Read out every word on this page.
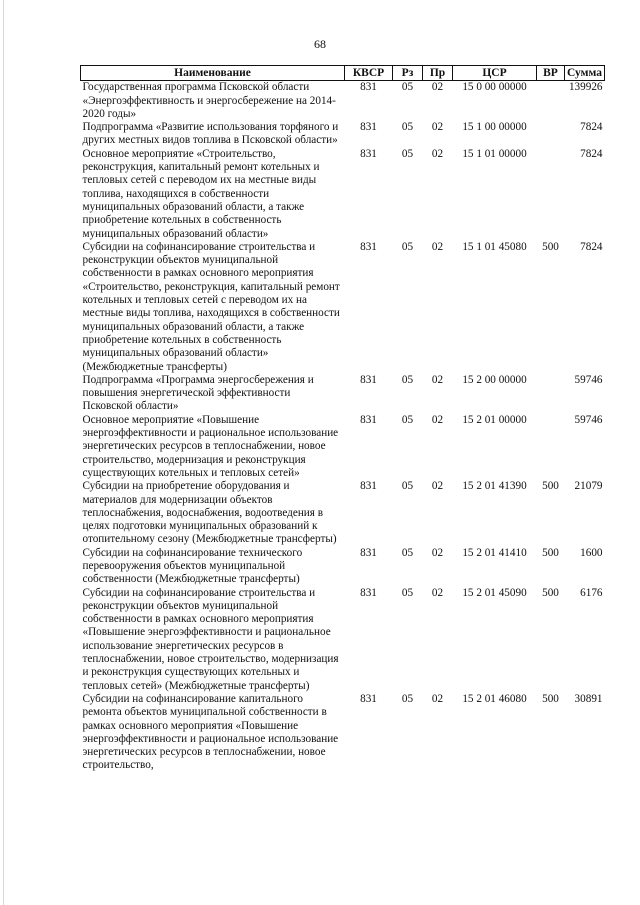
68
Наименование	КВСР	Рз	Пр	ЦСР	ВР	Сумма
Государственная программа Псковской области «Энергоэффективность и энергосбережение на 2014-2020 годы»	831	05	02	15 0 00 00000		139926
Подпрограмма «Развитие использования торфяного и других местных видов топлива в Псковской области»	831	05	02	15 1 00 00000		7824
Основное мероприятие «Строительство, реконструкция, капитальный ремонт котельных и тепловых сетей с переводом их на местные виды топлива, находящихся в собственности муниципальных образований области, а также приобретение котельных в собственность муниципальных образований области»	831	05	02	15 1 01 00000		7824
Субсидии на софинансирование строительства и реконструкции объектов муниципальной собственности в рамках основного мероприятия «Строительство, реконструкция, капитальный ремонт котельных и тепловых сетей с переводом их на местные виды топлива, находящихся в собственности муниципальных образований области, а также приобретение котельных в собственность муниципальных образований области» (Межбюджетные трансферты)	831	05	02	15 1 01 45080	500	7824
Подпрограмма «Программа энергосбережения и повышения энергетической эффективности Псковской области»	831	05	02	15 2 00 00000		59746
Основное мероприятие «Повышение энергоэффективности и рациональное использование энергетических ресурсов в теплоснабжении, новое строительство, модернизация и реконструкция существующих котельных и тепловых сетей»	831	05	02	15 2 01 00000		59746
Субсидии на приобретение оборудования и материалов для модернизации объектов теплоснабжения, водоснабжения, водоотведения в целях подготовки муниципальных образований к отопительному сезону (Межбюджетные трансферты)	831	05	02	15 2 01 41390	500	21079
Субсидии на софинансирование технического перевооружения объектов муниципальной собственности (Межбюджетные трансферты)	831	05	02	15 2 01 41410	500	1600
Субсидии на софинансирование строительства и реконструкции объектов муниципальной собственности в рамках основного мероприятия «Повышение энергоэффективности и рациональное использование энергетических ресурсов в теплоснабжении, новое строительство, модернизация и реконструкция существующих котельных и тепловых сетей» (Межбюджетные трансферты)	831	05	02	15 2 01 45090	500	6176
Субсидии на софинансирование капитального ремонта объектов муниципальной собственности в рамках основного мероприятия «Повышение энергоэффективности и рациональное использование энергетических ресурсов в теплоснабжении, новое строительство,	831	05	02	15 2 01 46080	500	30891
